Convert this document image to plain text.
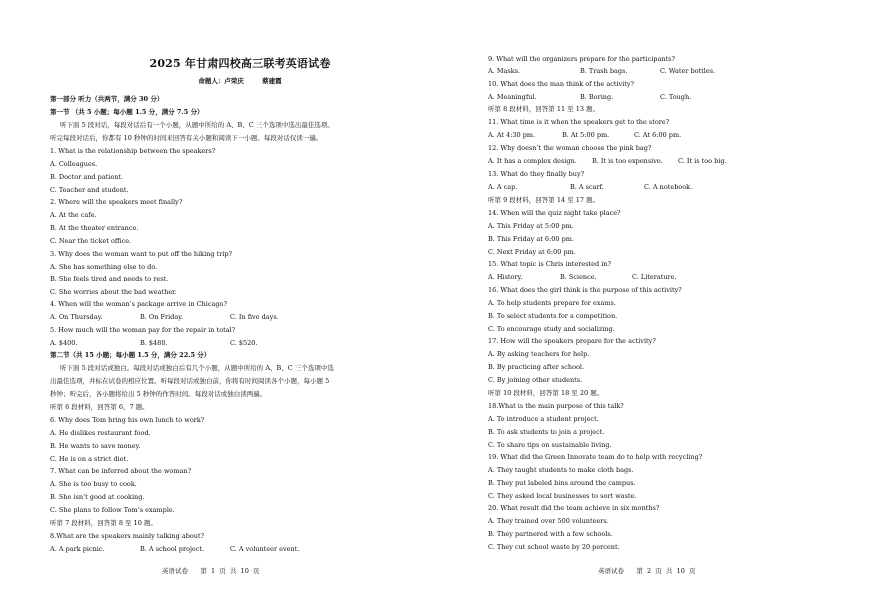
2025 年甘肃四校高三联考英语试卷
命题人：卢荣庆	蔡建霞
第一部分 听力（共两节，满分 30 分）
第一节 （共 5 小题；每小题 1.5 分，满分 7.5 分）
听下面 5 段对话，每段对话后有一个小题，从题中所给的 A、B、C 三个选项中选出最佳选项。
听完每段对话后，你都有 10 秒钟的时间来回答有关小题和阅读下一小题。每段对话仅读一遍。
1. What is the relationship between the speakers?
A. Colleagues.
B. Doctor and patient.
C. Teacher and student.
2. Where will the speakers meet finally?
A. At the cafe.
B. At the theater entrance.
C. Near the ticket office.
3. Why does the woman want to put off the hiking trip?
A. She has something else to do.
B. She feels tired and needs to rest.
C. She worries about the bad weather.
4. When will the woman’s package arrive in Chicago?
A. On Thursday.	B. On Friday.	C. In five days.
5. How much will the woman pay for the repair in total?
A. $400.	B. $480.	C. $520.
第二节（共 15 小题；每小题 1.5 分，满分 22.5 分）
听下面 5 段对话或独白。每段对话或独白后有几个小题，从题中所给的 A、B、C 三个选项中选
出最佳选项，并标在试卷的相应位置。听每段对话或独白前，你将有时间阅读各个小题，每小题 5
秒钟；听完后，各小题将给出 5 秒钟的作答时间。每段对话或独白读两遍。
听第 6 段材料，回答第 6、7 题。
6. Why does Tom bring his own lunch to work?
A. He dislikes restaurant food.
B. He wants to save money.
C. He is on a strict diet.
7. What can be inferred about the woman?
A. She is too busy to cook.
B. She isn’t good at cooking.
C. She plans to follow Tom’s example.
听第 7 段材料，回答第 8 至 10 题。
8.What are the speakers mainly talking about?
A. A park picnic.	B. A school project.	C. A volunteer event.
英语试卷      第  1  页  共  10  页
9. What will the organizers prepare for the participants?
A. Masks.	B. Trash bags.	C. Water bottles.
10. What does the man think of the activity?
A. Meaningful.	B. Boring.	C. Tough.
听第 8 段材料，回答第 11 至 13 题。
11. What time is it when the speakers get to the store?
A. At 4:30 pm.	B. At 5:00 pm.	C. At 6:00 pm.
12. Why doesn’t the woman choose the pink bag?
A. It has a complex design.	B. It is too expensive.	C. It is too big.
13. What do they finally buy?
A. A cap.	B. A scarf.	C. A notebook.
听第 9 段材料，回答第 14 至 17 题。
14. When will the quiz night take place?
A. This Friday at 5:00 pm.
B. This Friday at 6:00 pm.
C. Next Friday at 6:00 pm.
15. What topic is Chris interested in?
A. History.	B. Science.	C. Literature.
16. What does the girl think is the purpose of this activity?
A. To help students prepare for exams.
B. To select students for a competition.
C. To encourage study and socializing.
17. How will the speakers prepare for the activity?
A. By asking teachers for help.
B. By practicing after school.
C. By joining other students.
听第 10 段材料，回答第 18 至 20 题。
18.What is the main purpose of this talk?
A. To introduce a student project.
B. To ask students to join a project.
C. To share tips on sustainable living.
19. What did the Green Innovate team do to help with recycling?
A. They taught students to make cloth bags.
B. They put labeled bins around the campus.
C. They asked local businesses to sort waste.
20. What result did the team achieve in six months?
A. They trained over 500 volunteers.
B. They partnered with a few schools.
C. They cut school waste by 20 percent.
英语试卷      第  2  页  共  10  页
